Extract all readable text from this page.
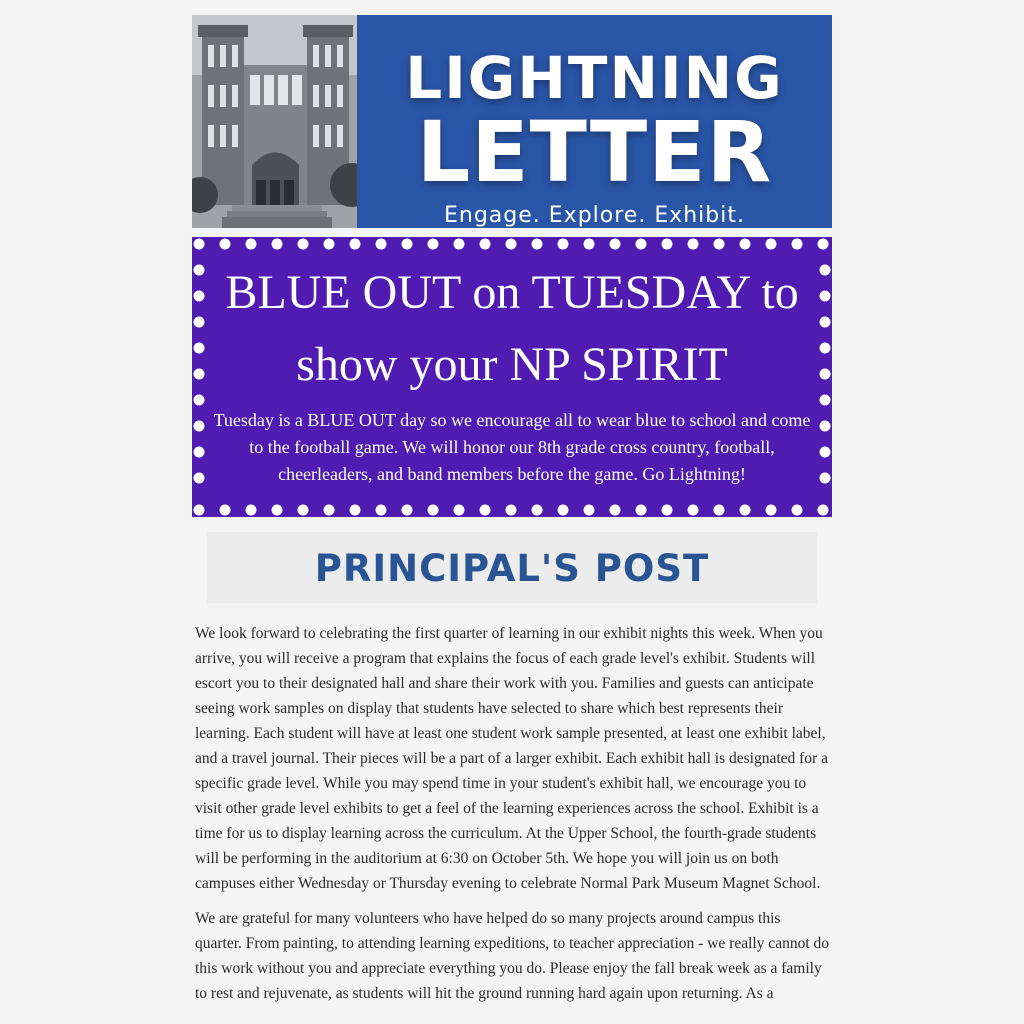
LIGHTNING
LETTER
Engage. Explore. Exhibit.
BLUE OUT on TUESDAY to show your NP SPIRIT

Tuesday is a BLUE OUT day so we encourage all to wear blue to school and come to the football game. We will honor our 8th grade cross country, football, cheerleaders, and band members before the game. Go Lightning!

PRINCIPAL'S POST

We look forward to celebrating the first quarter of learning in our exhibit nights this week. When you arrive, you will receive a program that explains the focus of each grade level's exhibit. Students will escort you to their designated hall and share their work with you. Families and guests can anticipate seeing work samples on display that students have selected to share which best represents their learning. Each student will have at least one student work sample presented, at least one exhibit label, and a travel journal. Their pieces will be a part of a larger exhibit. Each exhibit hall is designated for a specific grade level. While you may spend time in your student's exhibit hall, we encourage you to visit other grade level exhibits to get a feel of the learning experiences across the school. Exhibit is a time for us to display learning across the curriculum. At the Upper School, the fourth-grade students will be performing in the auditorium at 6:30 on October 5th. We hope you will join us on both campuses either Wednesday or Thursday evening to celebrate Normal Park Museum Magnet School.

We are grateful for many volunteers who have helped do so many projects around campus this quarter. From painting, to attending learning expeditions, to teacher appreciation - we really cannot do this work without you and appreciate everything you do. Please enjoy the fall break week as a family to rest and rejuvenate, as students will hit the ground running hard again upon returning. As a
